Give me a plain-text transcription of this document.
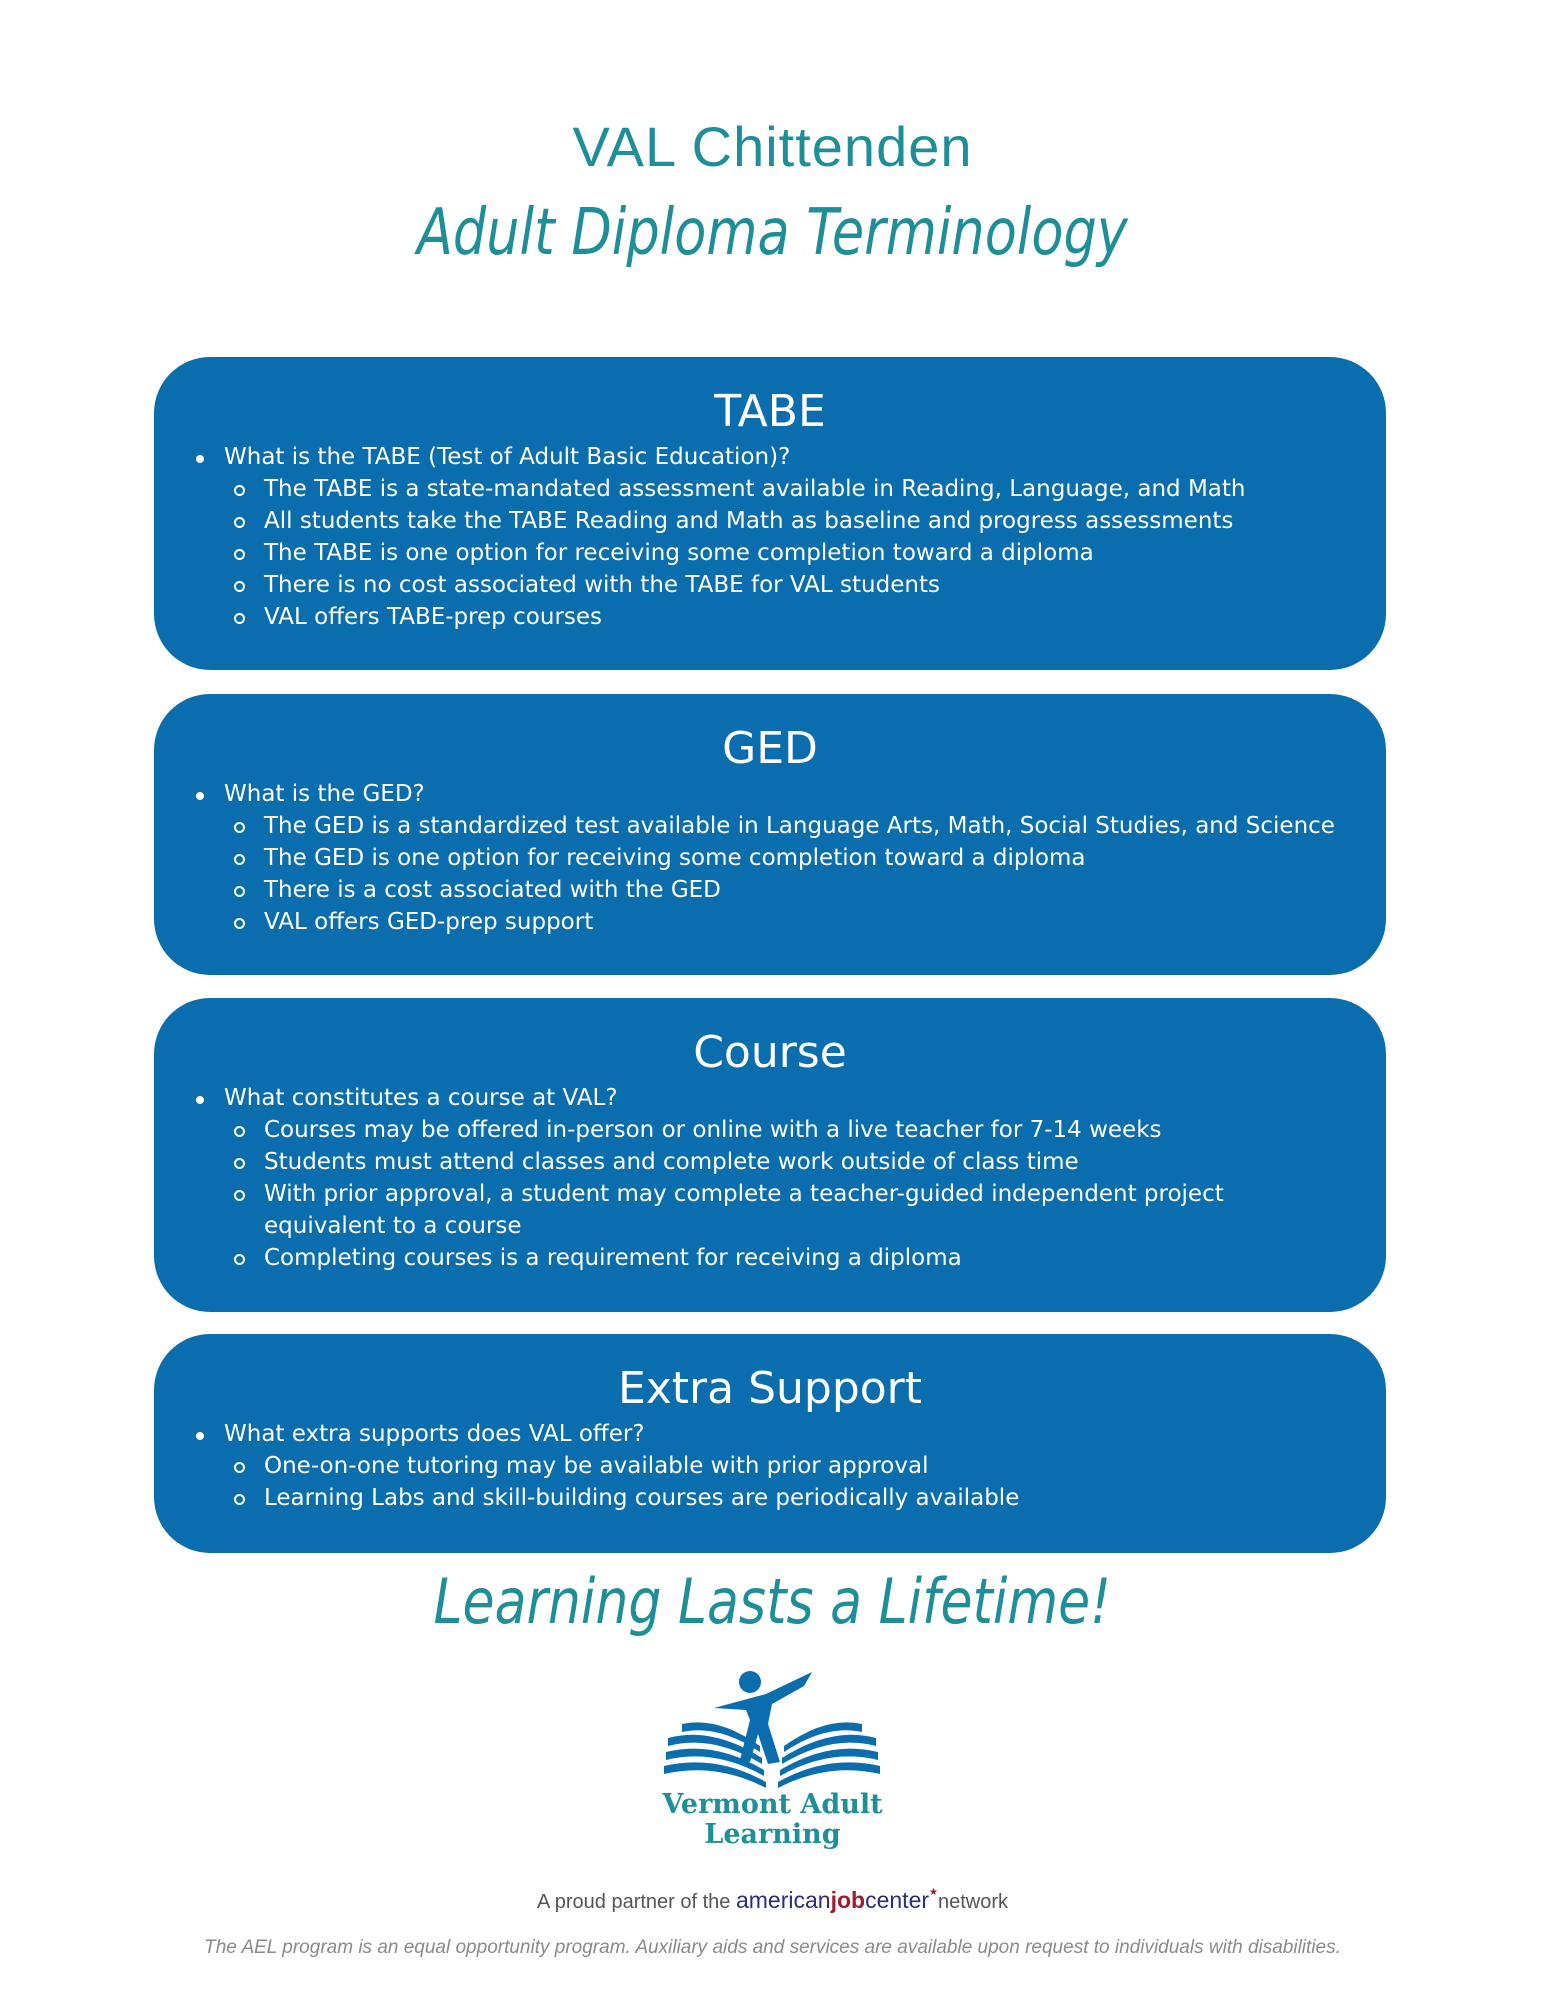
VAL Chittenden
Adult Diploma Terminology
TABE
What is the TABE (Test of Adult Basic Education)?
The TABE is a state-mandated assessment available in Reading, Language, and Math
All students take the TABE Reading and Math as baseline and progress assessments
The TABE is one option for receiving some completion toward a diploma
There is no cost associated with the TABE for VAL students
VAL offers TABE-prep courses
GED
What is the GED?
The GED is a standardized test available in Language Arts, Math, Social Studies, and Science
The GED is one option for receiving some completion toward a diploma
There is a cost associated with the GED
VAL offers GED-prep support
Course
What constitutes a course at VAL?
Courses may be offered in-person or online with a live teacher for 7-14 weeks
Students must attend classes and complete work outside of class time
With prior approval, a student may complete a teacher-guided independent project equivalent to a course
Completing courses is a requirement for receiving a diploma
Extra Support
What extra supports does VAL offer?
One-on-one tutoring may be available with prior approval
Learning Labs and skill-building courses are periodically available
Learning Lasts a Lifetime!
Vermont Adult
Learning
A proud partner of the americanjobcenter★network
The AEL program is an equal opportunity program. Auxiliary aids and services are available upon request to individuals with disabilities.
